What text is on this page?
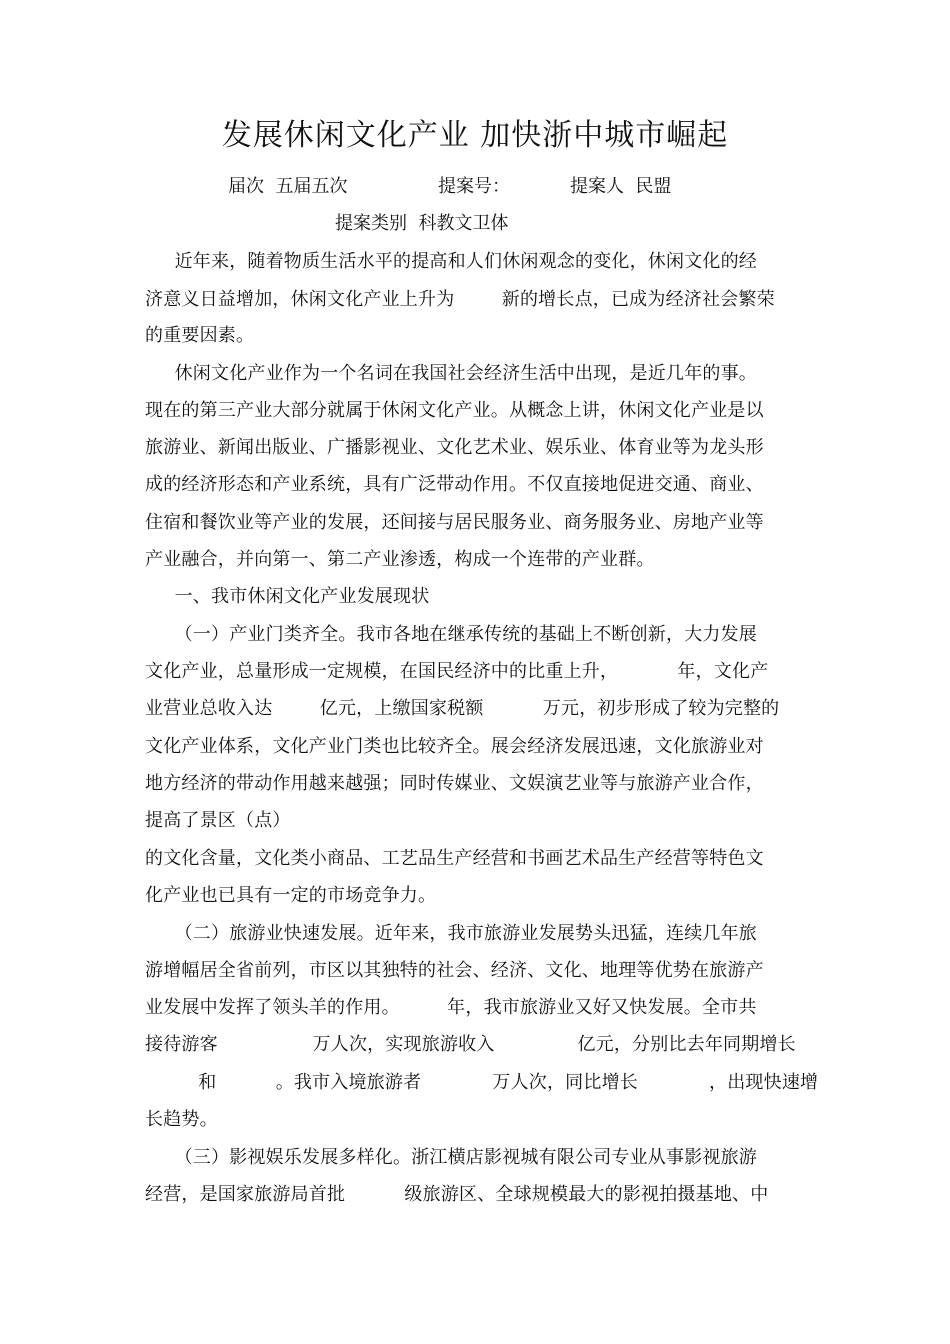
发展休闲文化产业 加快浙中城市崛起
届次  五届五次	提案号：	提案人  民盟
提案类别  科教文卫体
近年来，随着物质生活水平的提高和人们休闲观念的变化，休闲文化的经
济意义日益增加，休闲文化产业上升为        新的增长点，已成为经济社会繁荣
的重要因素。
休闲文化产业作为一个名词在我国社会经济生活中出现，是近几年的事。
现在的第三产业大部分就属于休闲文化产业。从概念上讲，休闲文化产业是以
旅游业、新闻出版业、广播影视业、文化艺术业、娱乐业、体育业等为龙头形
成的经济形态和产业系统，具有广泛带动作用。不仅直接地促进交通、商业、
住宿和餐饮业等产业的发展，还间接与居民服务业、商务服务业、房地产业等
产业融合，并向第一、第二产业渗透，构成一个连带的产业群。
一、我市休闲文化产业发展现状
（一）产业门类齐全。我市各地在继承传统的基础上不断创新，大力发展
文化产业，总量形成一定规模，在国民经济中的比重上升，          年，文化产
业营业总收入达        亿元，上缴国家税额          万元，初步形成了较为完整的
文化产业体系，文化产业门类也比较齐全。展会经济发展迅速，文化旅游业对
地方经济的带动作用越来越强；同时传媒业、文娱演艺业等与旅游产业合作，
提高了景区（点）
的文化含量，文化类小商品、工艺品生产经营和书画艺术品生产经营等特色文
化产业也已具有一定的市场竞争力。
（二）旅游业快速发展。近年来，我市旅游业发展势头迅猛，连续几年旅
游增幅居全省前列，市区以其独特的社会、经济、文化、地理等优势在旅游产
业发展中发挥了领头羊的作用。        年，我市旅游业又好又快发展。全市共
接待游客                万人次，实现旅游收入              亿元，分别比去年同期增长
和          。我市入境旅游者            万人次，同比增长            ，出现快速增
长趋势。
（三）影视娱乐发展多样化。浙江横店影视城有限公司专业从事影视旅游
经营，是国家旅游局首批          级旅游区、全球规模最大的影视拍摄基地、中
